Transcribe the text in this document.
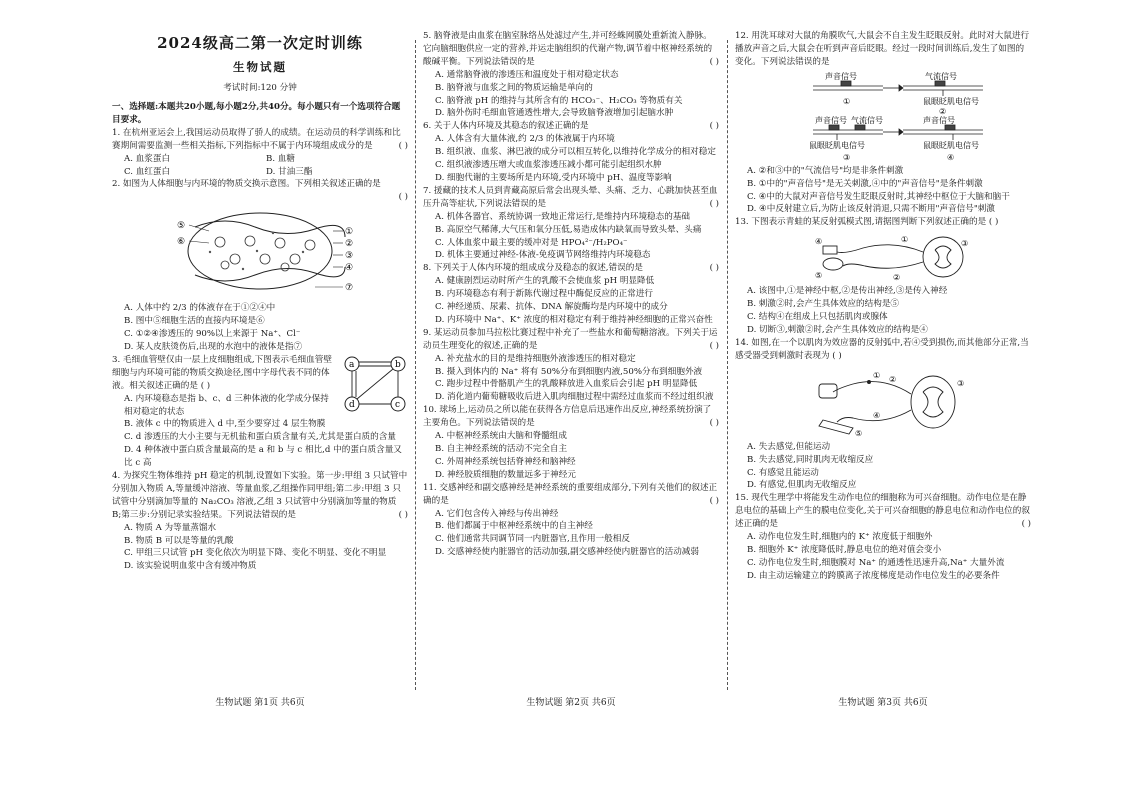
2024级高二第一次定时训练
生物试题
考试时间:120 分钟

一、选择题:本题共20小题,每小题2分,共40分。每小题只有一个选项符合题目要求。

1. 在杭州亚运会上,我国运动员取得了骄人的成绩。在运动员的科学训练和比赛期间需要监测一些相关指标,下列指标中不属于内环境组成成分的是	( )

A. 血浆蛋白	B. 血糖
C. 血红蛋白	D. 甘油三酯

2. 如图为人体细胞与内环境的物质交换示意图。下列相关叙述正确的是

( )

⑤
⑥
①
②
③
④
⑦

A. 人体中约 2/3 的体液存在于①②④中

B. 图中⑤细胞生活的直接内环境是⑥

C. ①②④渗透压的 90%以上来源于 Na⁺、Cl⁻

D. 某人皮肤烫伤后,出现的水泡中的液体是指⑦

a	b
c
d

3. 毛细血管壁仅由一层上皮细胞组成,下图表示毛细血管壁细胞与内环境可能的物质交换途径,图中字母代表不同的体液。相关叙述正确的是 ( )

A. 内环境稳态是指 b、c、d 三种体液的化学成分保持相对稳定的状态

B. 液体 c 中的物质进入 d 中,至少要穿过 4 层生物膜

C. d 渗透压的大小主要与无机盐和蛋白质含量有关,尤其是蛋白质的含量

D. 4 种体液中蛋白质含量最高的是 a 和 b 与 c 相比,d 中的蛋白质含量又比 c 高

4. 为探究生物体维持 pH 稳定的机制,设置如下实验。第一步:甲组 3 只试管中分别加入物质 A,等量缓冲溶液、等量血浆,乙组操作同甲组;第二步:甲组 3 只试管中分别滴加等量的 Na₂CO₃ 溶液,乙组 3 只试管中分别滴加等量的物质 B;第三步:分别记录实验结果。下列说法错误的是	( )

A. 物质 A 为等量蒸馏水

B. 物质 B 可以是等量的乳酸

C. 甲组三只试管 pH 变化依次为明显下降、变化不明显、变化不明显

D. 该实验说明血浆中含有缓冲物质

生物试题 第1页 共6页

5. 脑脊液是由血浆在脑室脉络丛处滤过产生,并可经蛛网膜处重新流入静脉。它向脑细胞供应一定的营养,并运走脑组织的代谢产物,调节着中枢神经系统的酸碱平衡。下列说法错误的是	( )

A. 通常脑脊液的渗透压和温度处于相对稳定状态

B. 脑脊液与血浆之间的物质运输是单向的

C. 脑脊液 pH 的维持与其所含有的 HCO₃⁻、H₂CO₃ 等物质有关

D. 脑外伤时毛细血管通透性增大,会导致脑脊液增加引起脑水肿

6. 关于人体内环境及其稳态的叙述正确的是	( )

A. 人体含有大量体液,约 2/3 的体液属于内环境

B. 组织液、血浆、淋巴液的成分可以相互转化,以维持化学成分的相对稳定

C. 组织液渗透压增大或血浆渗透压减小都可能引起组织水肿

D. 细胞代谢的主要场所是内环境,受内环境中 pH、温度等影响

7. 援藏的技术人员到青藏高原后常会出现头晕、头痛、乏力、心跳加快甚至血压升高等症状,下列说法错误的是	( )

A. 机体各器官、系统协调一致地正常运行,是维持内环境稳态的基础

B. 高原空气稀薄,大气压和氧分压低,易造成体内缺氧而导致头晕、头痛

C. 人体血浆中最主要的缓冲对是 HPO₄²⁻/H₂PO₄⁻

D. 机体主要通过神经-体液-免疫调节网络维持内环境稳态

8. 下列关于人体内环境的组成成分及稳态的叙述,错误的是	( )

A. 健康剧烈运动时所产生的乳酸不会使血浆 pH 明显降低

B. 内环境稳态有利于新陈代谢过程中酶促反应的正常进行

C. 神经递质、尿素、抗体、DNA 解旋酶均是内环境中的成分

D. 内环境中 Na⁺、K⁺ 浓度的相对稳定有利于维持神经细胞的正常兴奋性

9. 某运动员参加马拉松比赛过程中补充了一些盐水和葡萄糖溶液。下列关于运动员生理变化的叙述,正确的是	( )

A. 补充盐水的目的是维持细胞外液渗透压的相对稳定

B. 摄入到体内的 Na⁺ 将有 50%分布到细胞内液,50%分布到细胞外液

C. 跑步过程中骨骼肌产生的乳酸释放进入血浆后会引起 pH 明显降低

D. 消化道内葡萄糖吸收后进入肌肉细胞过程中需经过血浆而不经过组织液

10. 球场上,运动员之所以能在获得各方信息后迅速作出反应,神经系统扮演了主要角色。下列说法错误的是	( )

A. 中枢神经系统由大脑和脊髓组成

B. 自主神经系统的活动不完全自主

C. 外周神经系统包括脊神经和脑神经

D. 神经胶质细胞的数量远多于神经元

11. 交感神经和副交感神经是神经系统的重要组成部分,下列有关他们的叙述正确的是	( )

A. 它们包含传入神经与传出神经

B. 他们都属于中枢神经系统中的自主神经

C. 他们通常共同调节同一内脏器官,且作用一般相反

D. 交感神经使内脏器官的活动加强,副交感神经使内脏器官的活动减弱

生物试题 第2页 共6页

12. 用洗耳球对大鼠的角膜吹气,大鼠会不自主发生眨眼反射。此时对大鼠进行播放声音之后,大鼠会在听到声音后眨眼。经过一段时间训练后,发生了如图的变化。下列说法错误的是

声音信号	气流信号
鼠眼眨肌电信号
①
②
声音信号 气流信号	声音信号
鼠眼眨肌电信号	鼠眼眨肌电信号
③	④

A. ②和③中的"气流信号"均是非条件刺激

B. ①中的"声音信号"是无关刺激,④中的"声音信号"是条件刺激

C. ④中的大鼠对声音信号发生眨眼反射时,其神经中枢位于大脑和脑干

D. ④中反射建立后,为防止该反射消退,只需不断用"声音信号"刺激

13. 下图表示青蛙的某反射弧模式图,请据图判断下列叙述正确的是 ( )

①
②
③
④
⑤

A. 该图中,①是神经中枢,②是传出神经,③是传入神经

B. 刺激②时,会产生具体效应的结构是⑤

C. 结构④在组成上只包括肌肉或腺体

D. 切断③,刺激②时,会产生具体效应的结构是④

14. 如图,在一个以肌肉为效应器的反射弧中,若④受到损伤,而其他部分正常,当感受器受到刺激时表现为 ( )

① ②	③
④
⑤

A. 失去感觉,但能运动

B. 失去感觉,同时肌肉无收缩反应

C. 有感觉且能运动

D. 有感觉,但肌肉无收缩反应

15. 现代生理学中将能发生动作电位的细胞称为可兴奋细胞。动作电位是在静息电位的基础上产生的膜电位变化,关于可兴奋细胞的静息电位和动作电位的叙述正确的是	( )

A. 动作电位发生时,细胞内的 K⁺ 浓度低于细胞外

B. 细胞外 K⁺ 浓度降低时,静息电位的绝对值会变小

C. 动作电位发生时,细胞膜对 Na⁺ 的通透性迅速升高,Na⁺ 大量外流

D. 由主动运输建立的跨膜离子浓度梯度是动作电位发生的必要条件

生物试题 第3页 共6页
